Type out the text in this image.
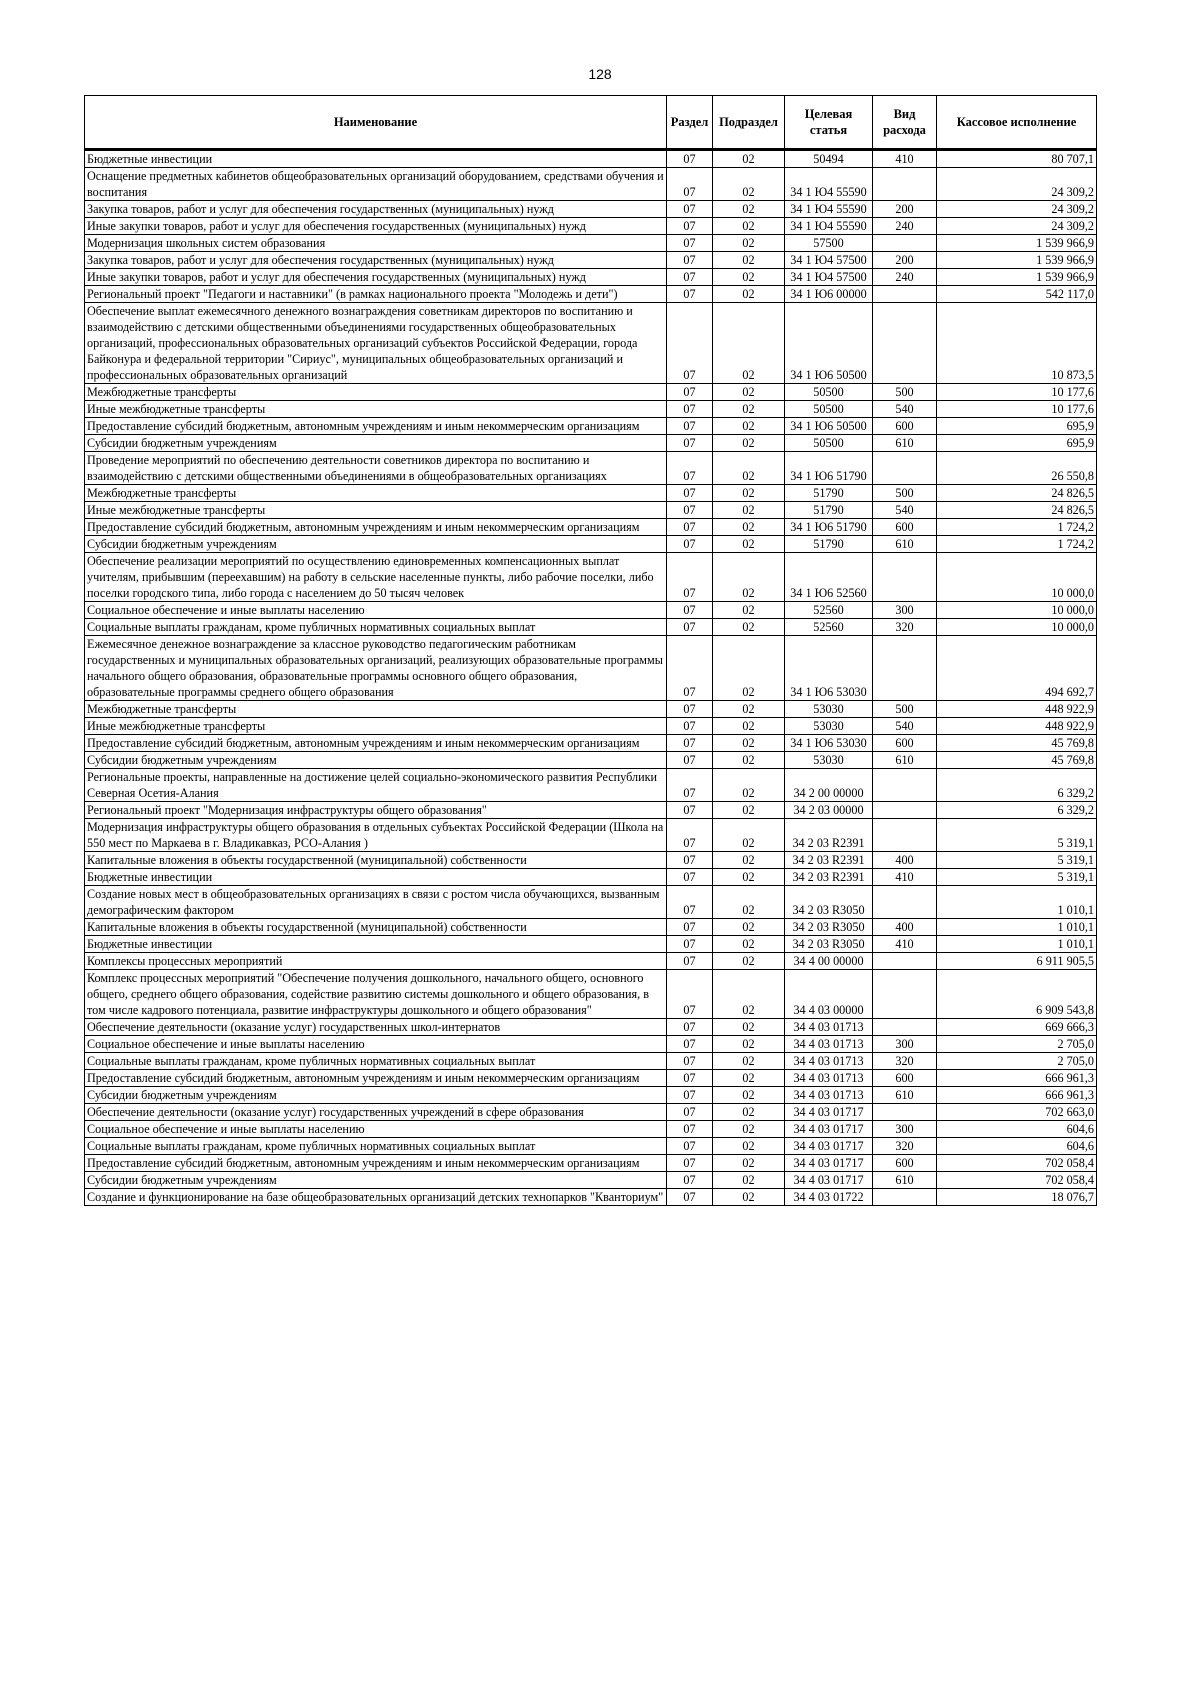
128
Наименование	Раздел	Подраздел	Целевая статья	Вид расхода	Кассовое исполнение
Бюджетные инвестиции	07	02	50494	410	80 707,1
Оснащение предметных кабинетов общеобразовательных организаций оборудованием, средствами обучения и воспитания	07	02	34 1 Ю4 55590		24 309,2
Закупка товаров, работ и услуг для обеспечения государственных (муниципальных) нужд	07	02	34 1 Ю4 55590	200	24 309,2
Иные закупки товаров, работ и услуг для обеспечения государственных (муниципальных) нужд	07	02	34 1 Ю4 55590	240	24 309,2
Модернизация школьных систем образования	07	02	57500		1 539 966,9
Закупка товаров, работ и услуг для обеспечения государственных (муниципальных) нужд	07	02	34 1 Ю4 57500	200	1 539 966,9
Иные закупки товаров, работ и услуг для обеспечения государственных (муниципальных) нужд	07	02	34 1 Ю4 57500	240	1 539 966,9
Региональный проект "Педагоги и наставники" (в рамках национального проекта "Молодежь и дети")	07	02	34 1 Ю6 00000		542 117,0
Обеспечение выплат ежемесячного денежного вознаграждения советникам директоров по воспитанию и взаимодействию с детскими общественными объединениями государственных общеобразовательных организаций, профессиональных образовательных организаций субъектов Российской Федерации, города Байконура и федеральной территории "Сириус", муниципальных общеобразовательных организаций и профессиональных образовательных организаций	07	02	34 1 Ю6 50500		10 873,5
Межбюджетные трансферты	07	02	50500	500	10 177,6
Иные межбюджетные трансферты	07	02	50500	540	10 177,6
Предоставление субсидий бюджетным, автономным учреждениям и иным некоммерческим организациям	07	02	34 1 Ю6 50500	600	695,9
Субсидии бюджетным учреждениям	07	02	50500	610	695,9
Проведение мероприятий по обеспечению деятельности советников директора по воспитанию и взаимодействию с детскими общественными объединениями в общеобразовательных организациях	07	02	34 1 Ю6 51790		26 550,8
Межбюджетные трансферты	07	02	51790	500	24 826,5
Иные межбюджетные трансферты	07	02	51790	540	24 826,5
Предоставление субсидий бюджетным, автономным учреждениям и иным некоммерческим организациям	07	02	34 1 Ю6 51790	600	1 724,2
Субсидии бюджетным учреждениям	07	02	51790	610	1 724,2
Обеспечение реализации мероприятий по осуществлению единовременных компенсационных выплат учителям, прибывшим (переехавшим) на работу в сельские населенные пункты, либо рабочие поселки, либо поселки городского типа, либо города с населением до 50 тысяч человек	07	02	34 1 Ю6 52560		10 000,0
Социальное обеспечение и иные выплаты населению	07	02	52560	300	10 000,0
Социальные выплаты гражданам, кроме публичных нормативных социальных выплат	07	02	52560	320	10 000,0
Ежемесячное денежное вознаграждение за классное руководство педагогическим работникам государственных и муниципальных образовательных организаций, реализующих образовательные программы начального общего образования, образовательные программы основного общего образования, образовательные программы среднего общего образования	07	02	34 1 Ю6 53030		494 692,7
Межбюджетные трансферты	07	02	53030	500	448 922,9
Иные межбюджетные трансферты	07	02	53030	540	448 922,9
Предоставление субсидий бюджетным, автономным учреждениям и иным некоммерческим организациям	07	02	34 1 Ю6 53030	600	45 769,8
Субсидии бюджетным учреждениям	07	02	53030	610	45 769,8
Региональные проекты, направленные на достижение целей социально-экономического развития Республики Северная Осетия-Алания	07	02	34 2 00 00000		6 329,2
Региональный проект "Модернизация инфраструктуры общего образования"	07	02	34 2 03 00000		6 329,2
Модернизация инфраструктуры общего образования в отдельных субъектах Российской Федерации (Школа на 550 мест по Маркаева в г. Владикавказ, РСО-Алания )	07	02	34 2 03 R2391		5 319,1
Капитальные вложения в объекты государственной (муниципальной) собственности	07	02	34 2 03 R2391	400	5 319,1
Бюджетные инвестиции	07	02	34 2 03 R2391	410	5 319,1
Создание новых мест в общеобразовательных организациях в связи с ростом числа обучающихся, вызванным демографическим фактором	07	02	34 2 03 R3050		1 010,1
Капитальные вложения в объекты государственной (муниципальной) собственности	07	02	34 2 03 R3050	400	1 010,1
Бюджетные инвестиции	07	02	34 2 03 R3050	410	1 010,1
Комплексы процессных мероприятий	07	02	34 4 00 00000		6 911 905,5
Комплекс процессных мероприятий "Обеспечение получения дошкольного, начального общего, основного общего, среднего общего образования, содействие развитию системы дошкольного и общего образования, в том числе кадрового потенциала, развитие инфраструктуры дошкольного и общего образования"	07	02	34 4 03 00000		6 909 543,8
Обеспечение деятельности (оказание услуг) государственных школ-интернатов	07	02	34 4 03 01713		669 666,3
Социальное обеспечение и иные выплаты населению	07	02	34 4 03 01713	300	2 705,0
Социальные выплаты гражданам, кроме публичных нормативных социальных выплат	07	02	34 4 03 01713	320	2 705,0
Предоставление субсидий бюджетным, автономным учреждениям и иным некоммерческим организациям	07	02	34 4 03 01713	600	666 961,3
Субсидии бюджетным учреждениям	07	02	34 4 03 01713	610	666 961,3
Обеспечение деятельности (оказание услуг) государственных учреждений в сфере образования	07	02	34 4 03 01717		702 663,0
Социальное обеспечение и иные выплаты населению	07	02	34 4 03 01717	300	604,6
Социальные выплаты гражданам, кроме публичных нормативных социальных выплат	07	02	34 4 03 01717	320	604,6
Предоставление субсидий бюджетным, автономным учреждениям и иным некоммерческим организациям	07	02	34 4 03 01717	600	702 058,4
Субсидии бюджетным учреждениям	07	02	34 4 03 01717	610	702 058,4
Создание и функционирование на базе общеобразовательных организаций детских технопарков "Кванториум"	07	02	34 4 03 01722		18 076,7
